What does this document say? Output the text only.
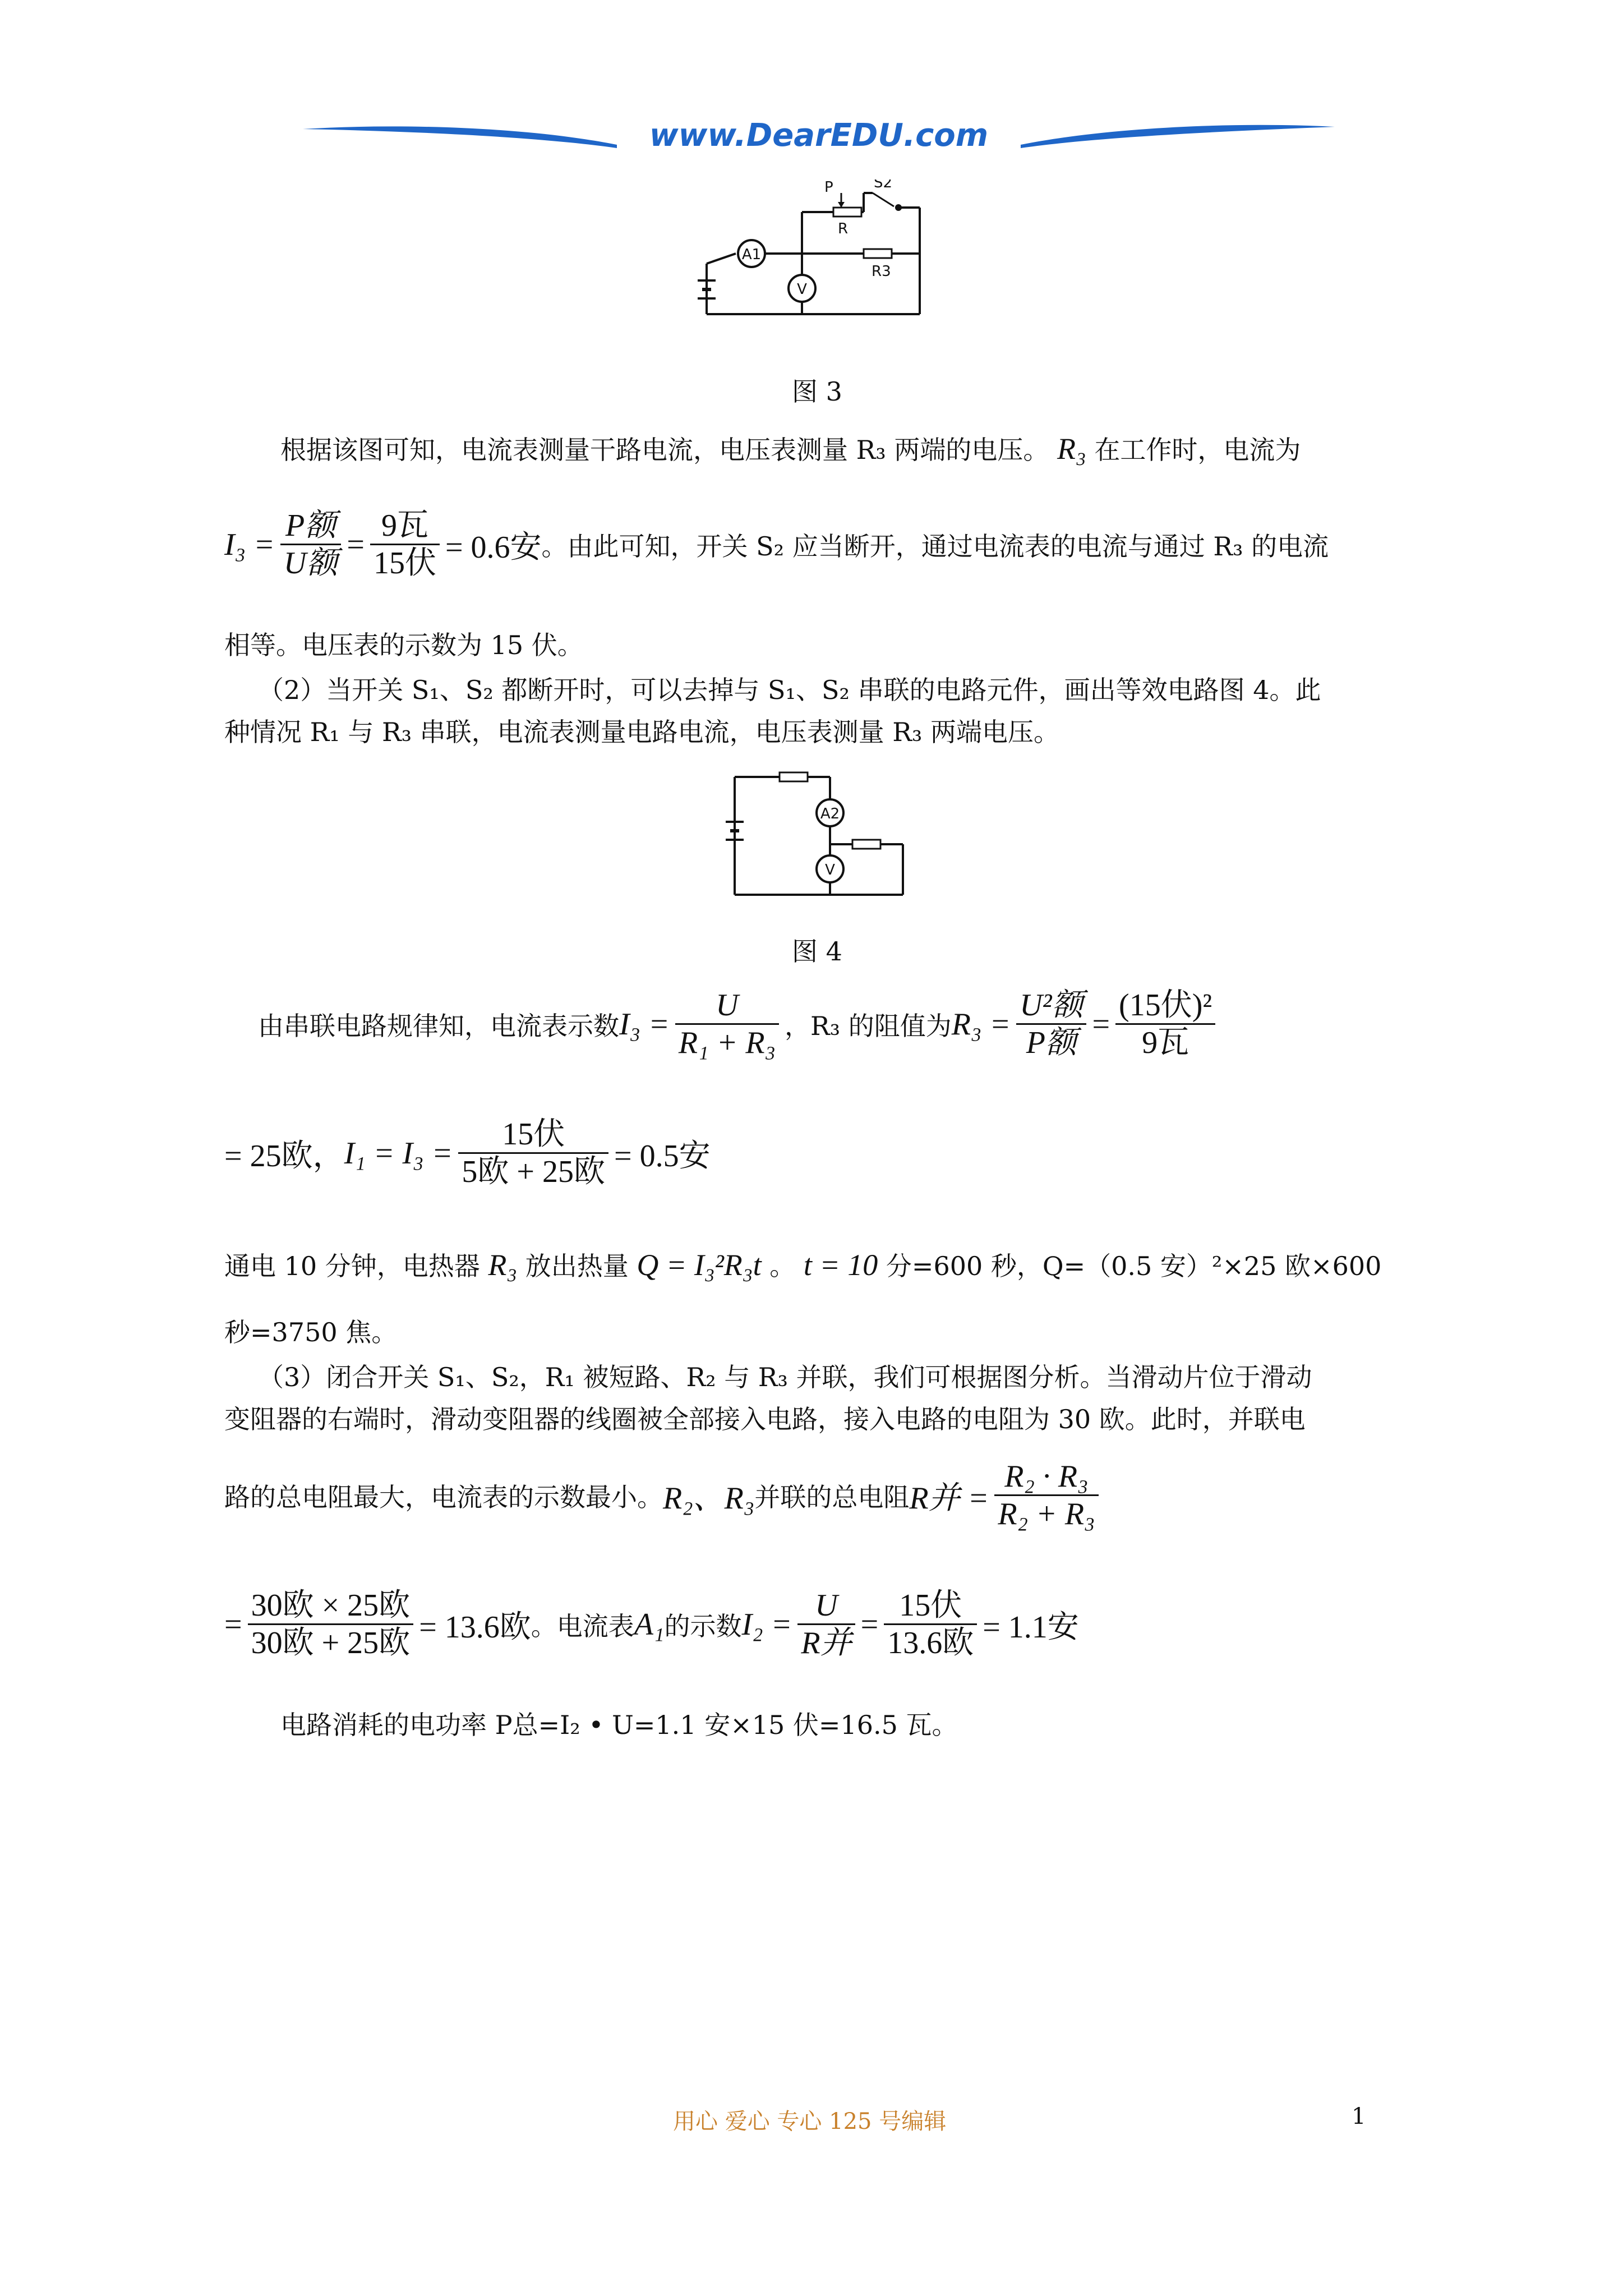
www.DearEDU.com
A1
P
R
S2
R3
V
图 3
根据该图可知，电流表测量干路电流，电压表测量 R₃ 两端的电压。 R₃ 在工作时，电流为
$I_3 = \frac{\text{P额}}{\text{U额}} = \frac{\text{9瓦}}{\text{15伏}} = 0.6$安 。由此可知，开关 S₂ 应当断开，通过电流表的电流与通过 R₃ 的电流
相等。电压表的示数为 15 伏。
（2）当开关 S₁、S₂ 都断开时，可以去掉与 S₁、S₂ 串联的电路元件，画出等效电路图 4。此
种情况 R₁ 与 R₃ 串联，电流表测量电路电流，电压表测量 R₃ 两端电压。
A2
V
图 4
由串联电路规律知，电流表示数 $I_3 = \frac{U}{\text{R₁ + R₃}}$ ，R₃ 的阻值为 $R_3 = \frac{\text{U²额}}{\text{P额}} = \frac{\text{(15伏)²}}{\text{9瓦}}$
= 25欧， $I_1 = I_3 = \frac{\text{15伏}}{\text{5欧 + 25欧}} = 0.5$安
通电 10 分钟，电热器 R₃ 放出热量 Q = I₃²R₃t 。 t = 10 分=600 秒，Q=（0.5 安）²×25 欧×600
秒=3750 焦。
（3）闭合开关 S₁、S₂，R₁ 被短路、R₂ 与 R₃ 并联，我们可根据图分析。当滑动片位于滑动
变阻器的右端时，滑动变阻器的线圈被全部接入电路，接入电路的电阻为 30 欧。此时，并联电
路的总电阻最大，电流表的示数最小。 R₂、R₃ 并联的总电阻 R并 = $\frac{\text{R₂ · R₃}}{\text{R₂ + R₃}}$
= $\frac{\text{30欧 × 25欧}}{\text{30欧 + 25欧}} = 13.6$欧 。电流表 A₁ 的示数 $I_2 = \frac{U}{\text{R并}} = \frac{\text{15伏}}{\text{13.6欧}} = 1.1$安
电路消耗的电功率 P总=I₂ • U=1.1 安×15 伏=16.5 瓦。
用心 爱心 专心 125 号编辑	1
